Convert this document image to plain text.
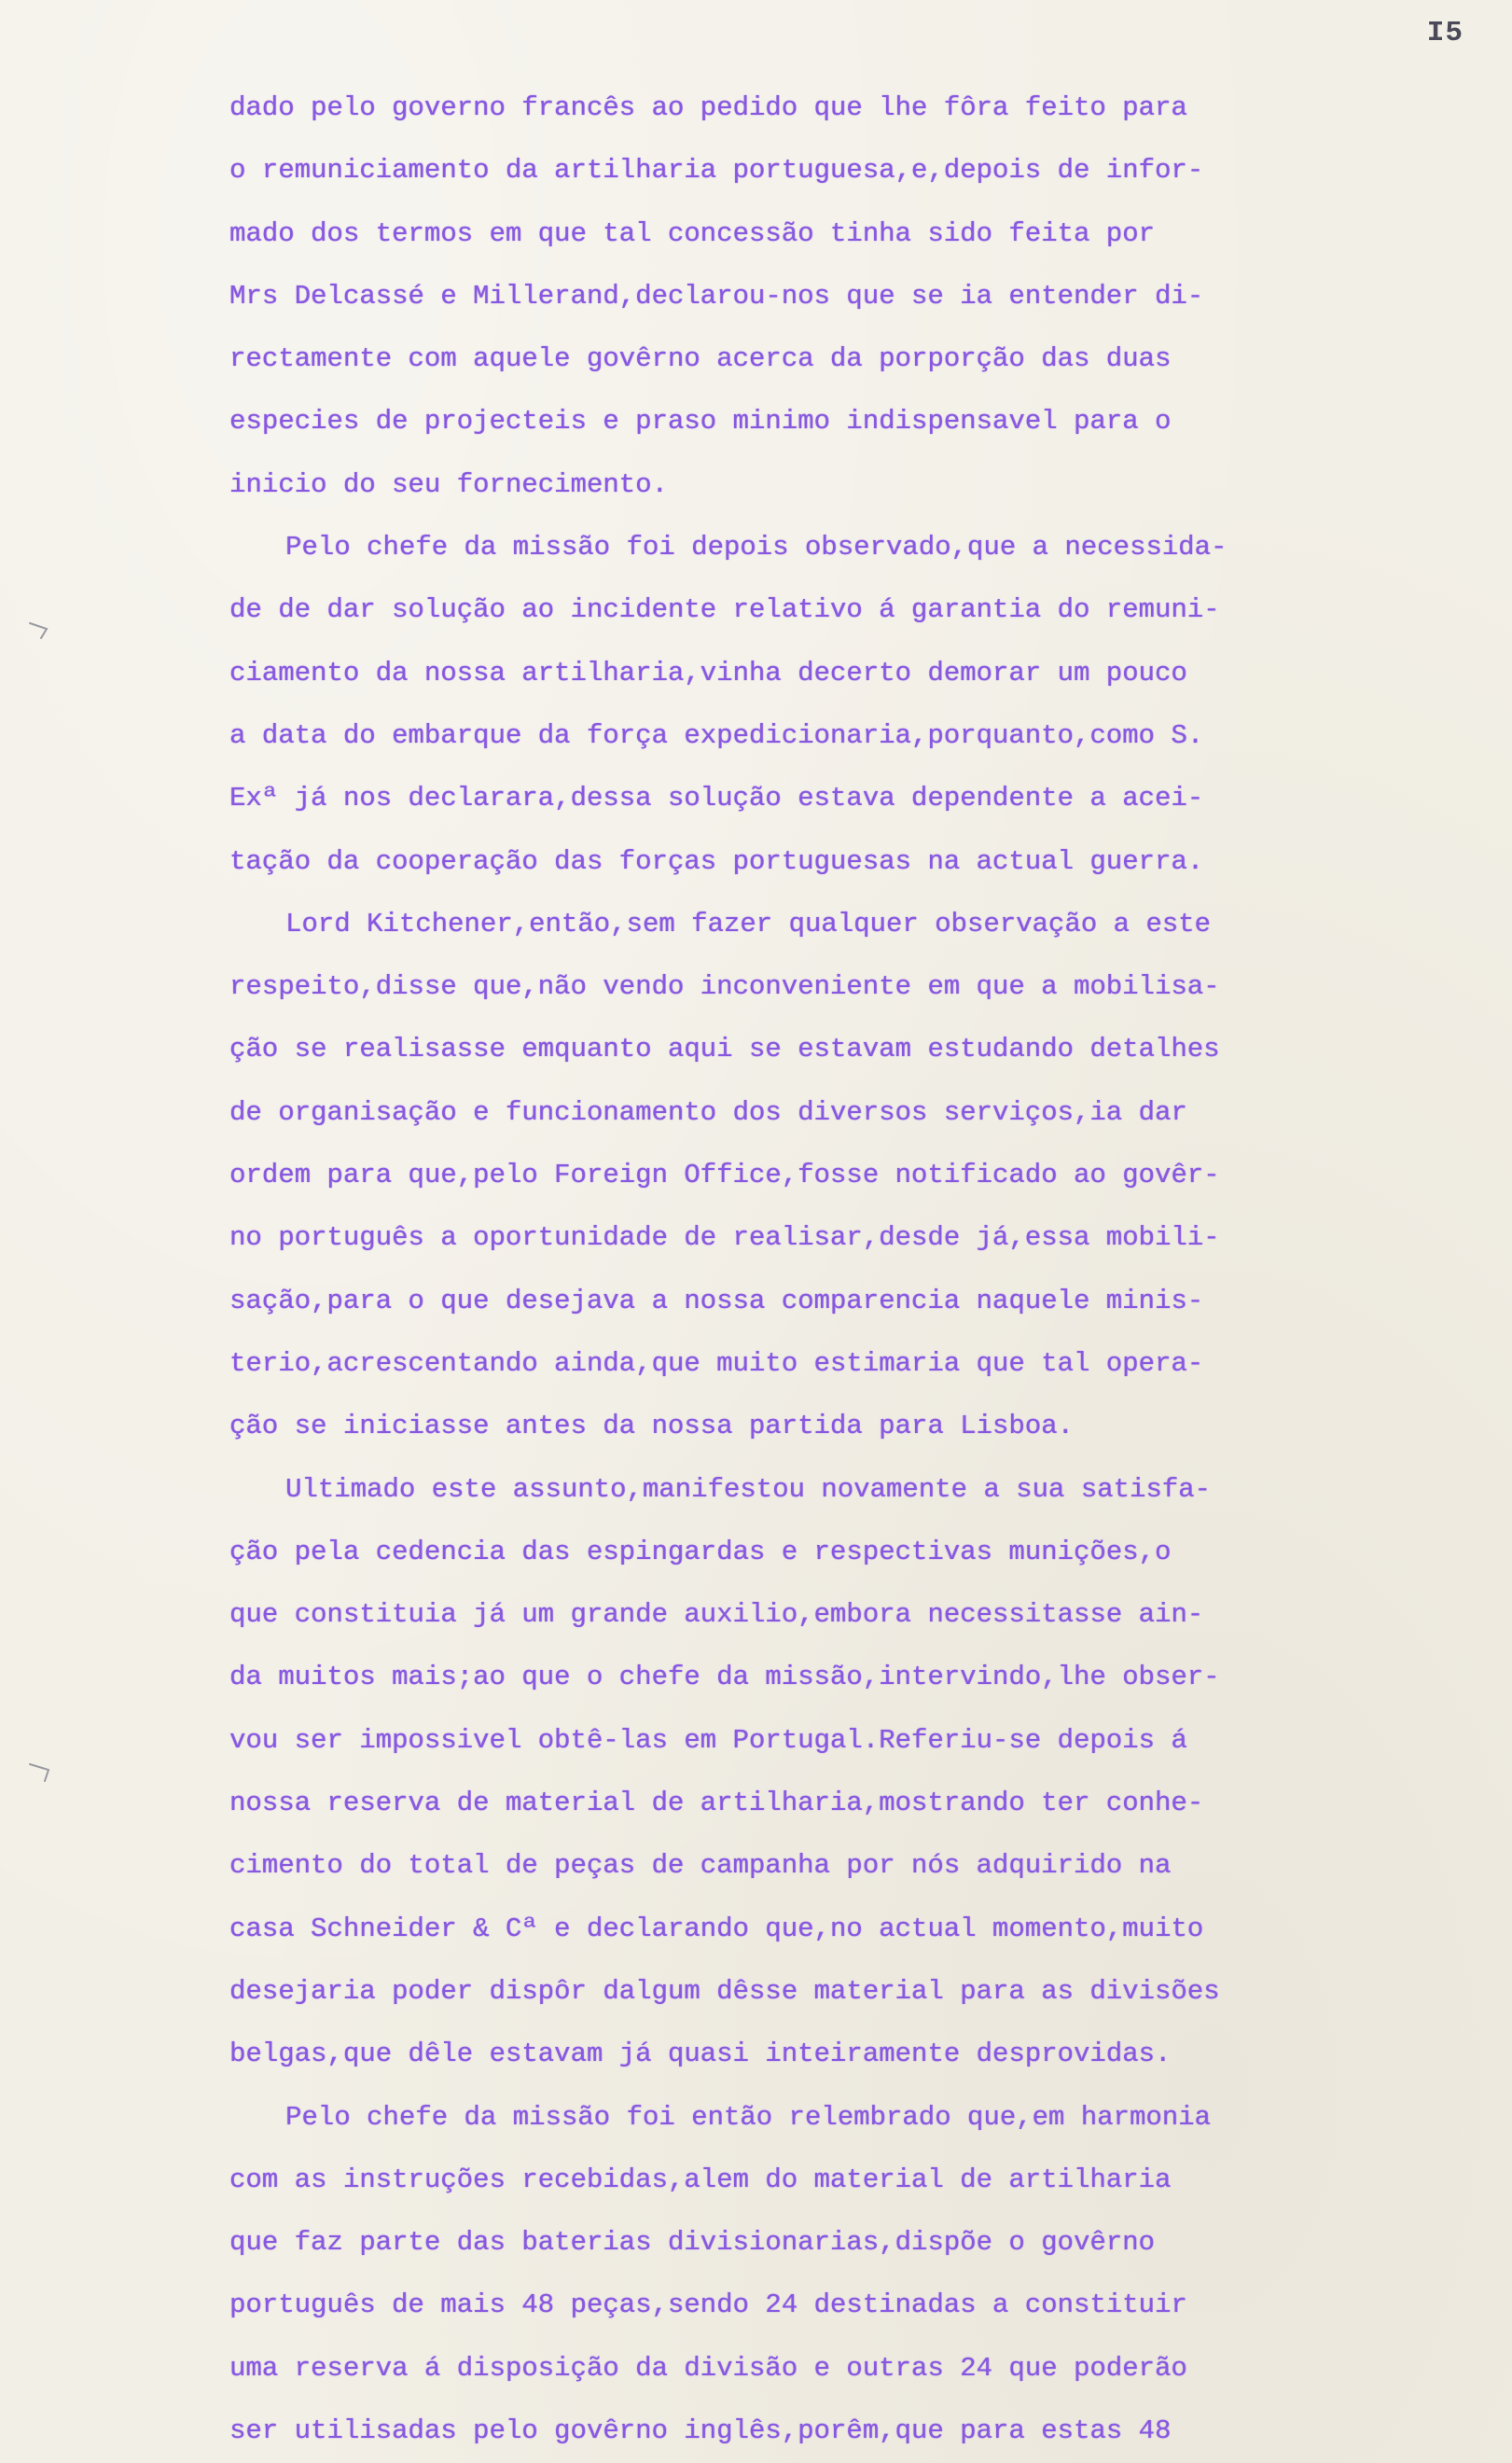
I5
dado pelo governo francês ao pedido que lhe fôra feito para
o remuniciamento da artilharia portuguesa,e,depois de infor-
mado dos termos em que tal concessão tinha sido feita por
Mrs Delcassé e Millerand,declarou-nos que se ia entender di-
rectamente com aquele govêrno acerca da porporção das duas
especies de projecteis e praso minimo indispensavel para o
inicio do seu fornecimento.
Pelo chefe da missão foi depois observado,que a necessida-
de de dar solução ao incidente relativo á garantia do remuni-
ciamento da nossa artilharia,vinha decerto demorar um pouco
a data do embarque da força expedicionaria,porquanto,como S.
Exª já nos declarara,dessa solução estava dependente a acei-
tação da cooperação das forças portuguesas na actual guerra.
Lord Kitchener,então,sem fazer qualquer observação a este
respeito,disse que,não vendo inconveniente em que a mobilisa-
ção se realisasse emquanto aqui se estavam estudando detalhes
de organisação e funcionamento dos diversos serviços,ia dar
ordem para que,pelo Foreign Office,fosse notificado ao govêr-
no português a oportunidade de realisar,desde já,essa mobili-
sação,para o que desejava a nossa comparencia naquele minis-
terio,acrescentando ainda,que muito estimaria que tal opera-
ção se iniciasse antes da nossa partida para Lisboa.
Ultimado este assunto,manifestou novamente a sua satisfa-
ção pela cedencia das espingardas e respectivas munições,o
que constituia já um grande auxilio,embora necessitasse ain-
da muitos mais;ao que o chefe da missão,intervindo,lhe obser-
vou ser impossivel obtê-las em Portugal.Referiu-se depois á
nossa reserva de material de artilharia,mostrando ter conhe-
cimento do total de peças de campanha por nós adquirido na
casa Schneider & Cª e declarando que,no actual momento,muito
desejaria poder dispôr dalgum dêsse material para as divisões
belgas,que dêle estavam já quasi inteiramente desprovidas.
Pelo chefe da missão foi então relembrado que,em harmonia
com as instruções recebidas,alem do material de artilharia
que faz parte das baterias divisionarias,dispõe o govêrno
português de mais 48 peças,sendo 24 destinadas a constituir
uma reserva á disposição da divisão e outras 24 que poderão
ser utilisadas pelo govêrno inglês,porêm,que para estas 48
